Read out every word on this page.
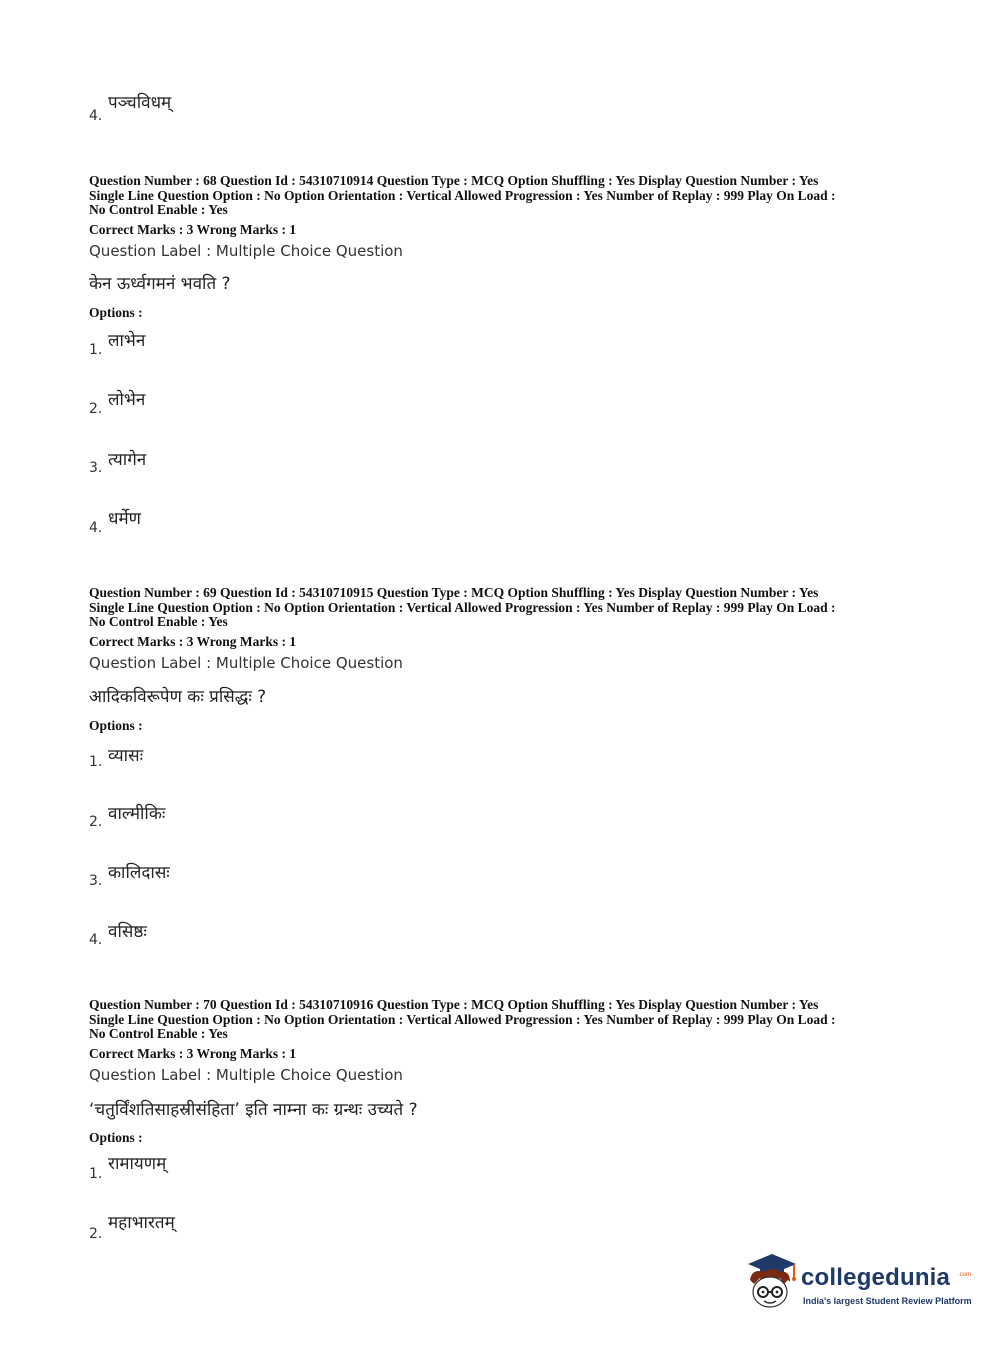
4.
पञ्चविधम्
Question Number : 68 Question Id : 54310710914 Question Type : MCQ Option Shuffling : Yes Display Question Number : Yes
Single Line Question Option : No Option Orientation : Vertical Allowed Progression : Yes Number of Replay : 999 Play On Load :
No Control Enable : Yes
Correct Marks : 3 Wrong Marks : 1
Question Label : Multiple Choice Question
केन ऊर्ध्वगमनं भवति ?
Options :
1. लाभेन
2. लोभेन
3. त्यागेन
4. धर्मेण
Question Number : 69 Question Id : 54310710915 Question Type : MCQ Option Shuffling : Yes Display Question Number : Yes
Single Line Question Option : No Option Orientation : Vertical Allowed Progression : Yes Number of Replay : 999 Play On Load :
No Control Enable : Yes
Correct Marks : 3 Wrong Marks : 1
Question Label : Multiple Choice Question
आदिकविरूपेण कः प्रसिद्धः ?
Options :
1. व्यासः
2. वाल्मीकिः
3. कालिदासः
4. वसिष्ठः
Question Number : 70 Question Id : 54310710916 Question Type : MCQ Option Shuffling : Yes Display Question Number : Yes
Single Line Question Option : No Option Orientation : Vertical Allowed Progression : Yes Number of Replay : 999 Play On Load :
No Control Enable : Yes
Correct Marks : 3 Wrong Marks : 1
Question Label : Multiple Choice Question
‘चतुर्विंशतिसाहस्रीसंहिता’ इति नाम्ना कः ग्रन्थः उच्यते ?
Options :
1. रामायणम्
2.
महाभारतम्
collegedunia .com
India's largest Student Review Platform
